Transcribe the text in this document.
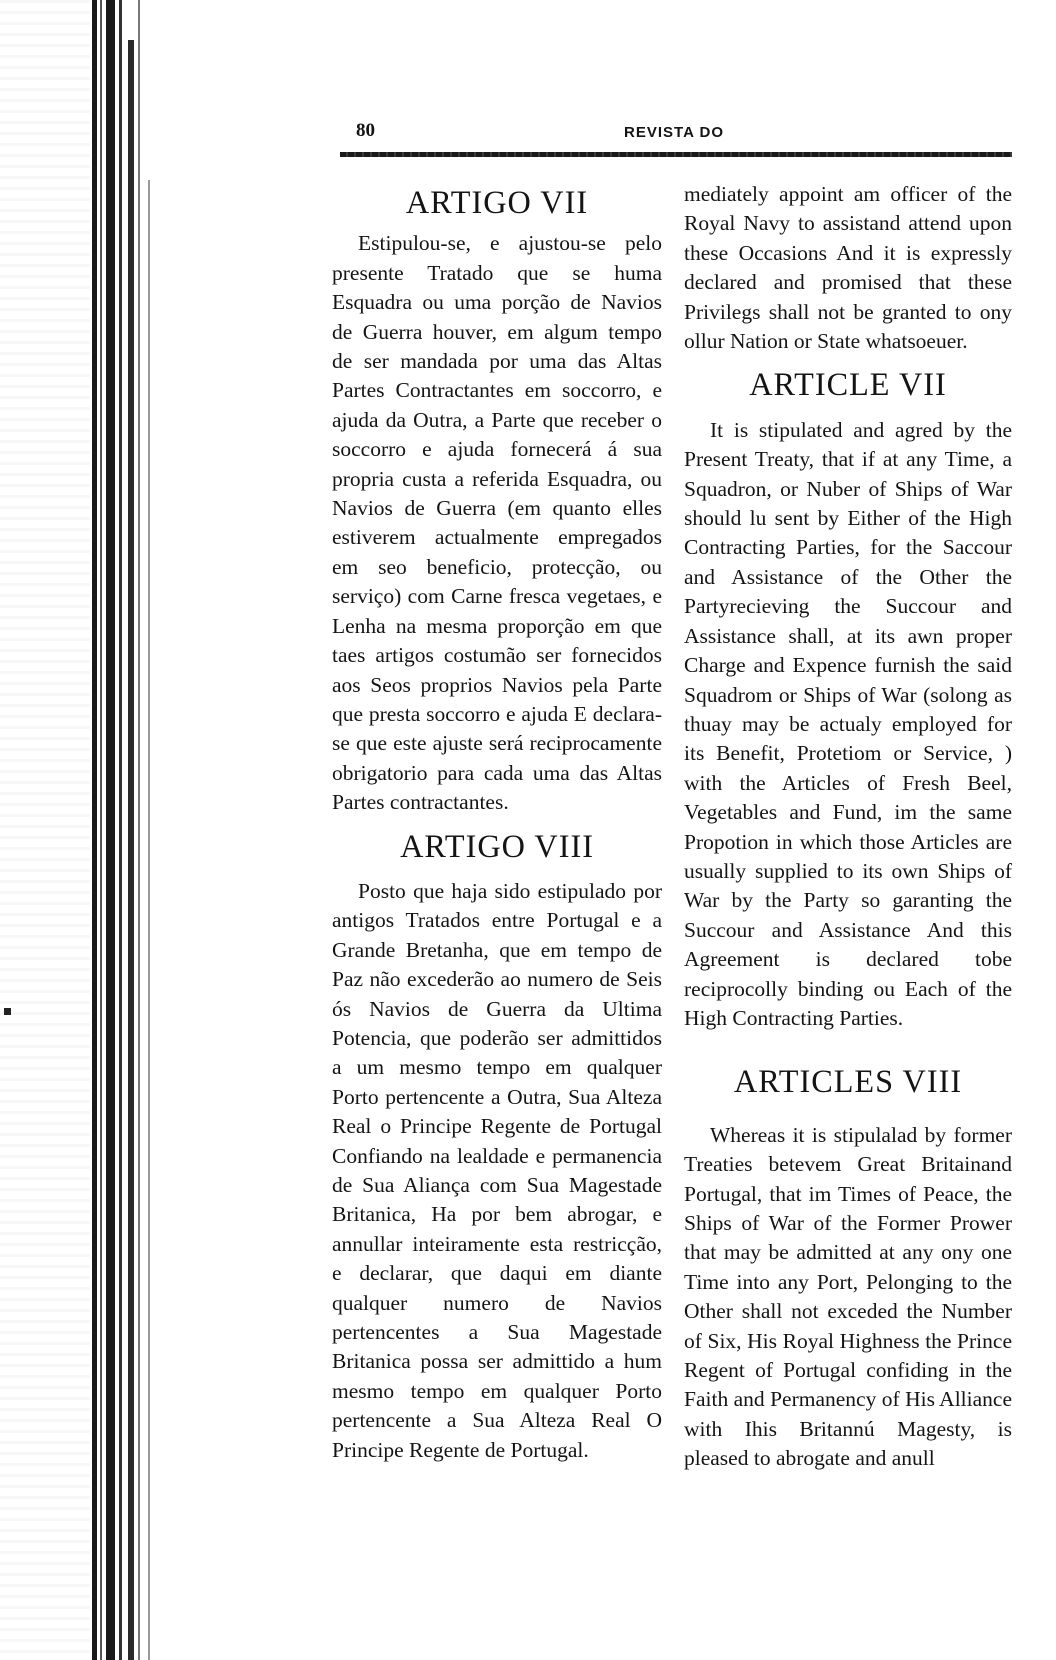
80	REVISTA DO
ARTIGO VII

Estipulou-se, e ajustou-se pelo presente Tratado que se huma Esquadra ou uma porção de Navios de Guerra houver, em algum tempo de ser mandada por uma das Altas Partes Contractantes em soccorro, e ajuda da Outra, a Parte que receber o soccorro e ajuda fornecerá á sua propria custa a referida Esquadra, ou Navios de Guerra (em quanto elles estiverem actualmente empregados em seo beneficio, protecção, ou serviço) com Carne fresca vegetaes, e Lenha na mesma proporção em que taes artigos costumão ser fornecidos aos Seos proprios Navios pela Parte que presta soccorro e ajuda E declara-se que este ajuste será reciprocamente obrigatorio para cada uma das Altas Partes contractantes.

ARTIGO VIII

Posto que haja sido estipulado por antigos Tratados entre Portugal e a Grande Bretanha, que em tempo de Paz não excederão ao numero de Seis ós Navios de Guerra da Ultima Potencia, que poderão ser admittidos a um mesmo tempo em qualquer Porto pertencente a Outra, Sua Alteza Real o Principe Regente de Portugal Confiando na lealdade e permanencia de Sua Aliança com Sua Magestade Britanica, Ha por bem abrogar, e annullar inteiramente esta restricção, e declarar, que daqui em diante qualquer numero de Navios pertencentes a Sua Magestade Britanica possa ser admittido a hum mesmo tempo em qualquer Porto pertencente a Sua Alteza Real O Principe Regente de Portugal.

mediately appoint am officer of the Royal Navy to assistand attend upon these Occasions And it is expressly declared and promised that these Privilegs shall not be granted to ony ollur Nation or State whatsoeuer.

ARTICLE VII

It is stipulated and agred by the Present Treaty, that if at any Time, a Squadron, or Nuber of Ships of War should lu sent by Either of the High Contracting Parties, for the Saccour and Assistance of the Other the Partyrecieving the Succour and Assistance shall, at its awn proper Charge and Expence furnish the said Squadrom or Ships of War (solong as thuay may be actualy employed for its Benefit, Protetiom or Service, ) with the Articles of Fresh Beel, Vegetables and Fund, im the same Propotion in which those Articles are usually supplied to its own Ships of War by the Party so garanting the Succour and Assistance And this Agreement is declared tobe reciprocolly binding ou Each of the High Contracting Parties.

ARTICLES VIII

Whereas it is stipulalad by former Treaties betevem Great Britainand Portugal, that im Times of Peace, the Ships of War of the Former Prower that may be admitted at any ony one Time into any Port, Pelonging to the Other shall not exceded the Number of Six, His Royal Highness the Prince Regent of Portugal confiding in the Faith and Permanency of His Alliance with Ihis Britannú Magesty, is pleased to abrogate and anull
